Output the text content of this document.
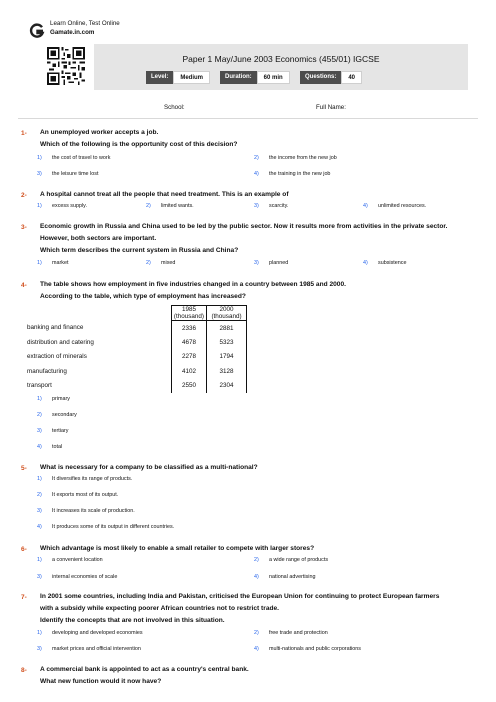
Learn Online, Test Online
Gamate.in.com
Paper 1 May/June 2003 Economics (455/01) IGCSE
Level:	Medium	Duration:	60 min	Questions:	40
School:	Full Name:
1- An unemployed worker accepts a job.
Which of the following is the opportunity cost of this decision?
1) the cost of travel to work	2) the income from the new job
3) the leisure time lost	4) the training in the new job
2- A hospital cannot treat all the people that need treatment. This is an example of
1) excess supply.	2) limited wants.	3) scarcity.	4) unlimited resources.
3- Economic growth in Russia and China used to be led by the public sector. Now it results more from activities in the private sector.
However, both sectors are important.
Which term describes the current system in Russia and China?
1) market	2) mixed	3) planned	4) subsistence
4- The table shows how employment in five industries changed in a country between 1985 and 2000.
According to the table, which type of employment has increased?
	1985 (thousand)	2000 (thousand)
banking and finance	2336	2881
distribution and catering	4678	5323
extraction of minerals	2278	1794
manufacturing	4102	3128
transport	2550	2304
1) primary
2) secondary
3) tertiary
4) total
5- What is necessary for a company to be classified as a multi-national?
1) It diversifies its range of products.
2) It exports most of its output.
3) It increases its scale of production.
4) It produces some of its output in different countries.
6- Which advantage is most likely to enable a small retailer to compete with larger stores?
1) a convenient location	2) a wide range of products
3) internal economies of scale	4) national advertising
7- In 2001 some countries, including India and Pakistan, criticised the European Union for continuing to protect European farmers
with a subsidy while expecting poorer African countries not to restrict trade.
Identify the concepts that are not involved in this situation.
1) developing and developed economies	2) free trade and protection
3) market prices and official intervention	4) multi-nationals and public corporations
8- A commercial bank is appointed to act as a country's central bank.
What new function would it now have?
